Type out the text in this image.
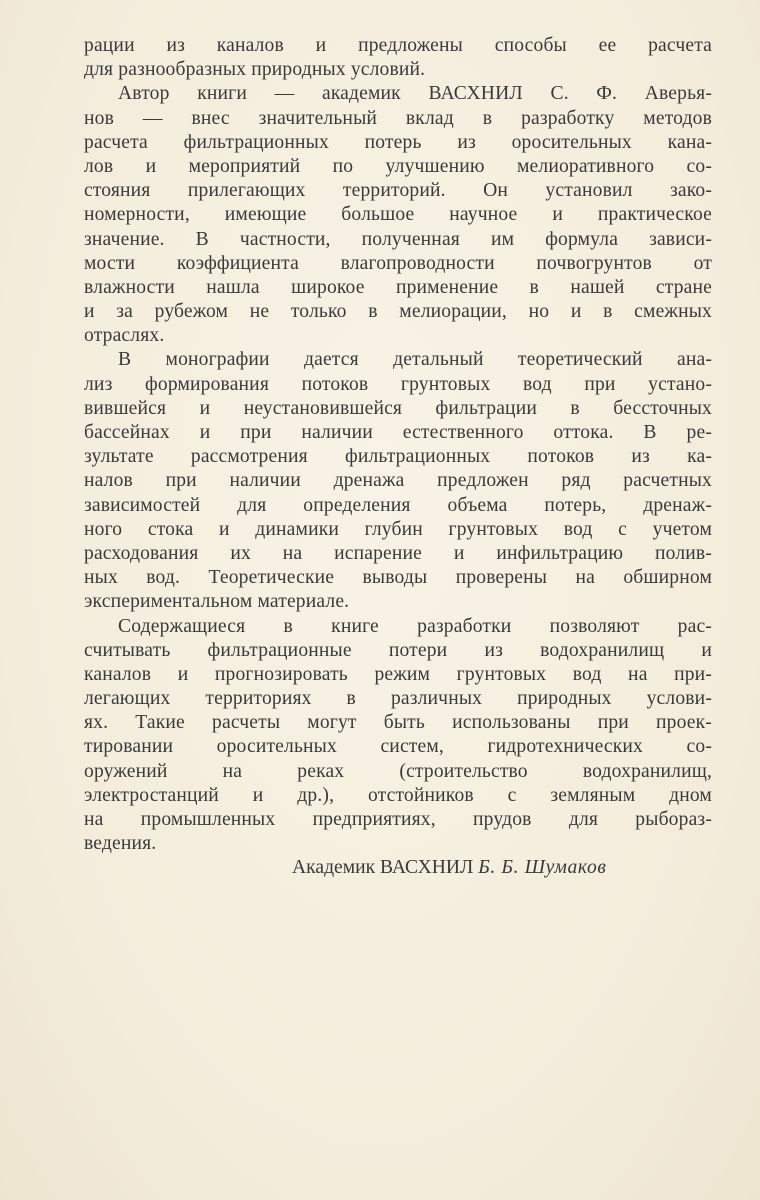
рации из каналов и предложены способы ее расчета
для разнообразных природных условий.
Автор книги — академик ВАСХНИЛ С. Ф. Аверья-
нов — внес значительный вклад в разработку методов
расчета фильтрационных потерь из оросительных кана-
лов и мероприятий по улучшению мелиоративного со-
стояния прилегающих территорий. Он установил зако-
номерности, имеющие большое научное и практическое
значение. В частности, полученная им формула зависи-
мости коэффициента влагопроводности почвогрунтов от
влажности нашла широкое применение в нашей стране
и за рубежом не только в мелиорации, но и в смежных
отраслях.
В монографии дается детальный теоретический ана-
лиз формирования потоков грунтовых вод при устано-
вившейся и неустановившейся фильтрации в бессточных
бассейнах и при наличии естественного оттока. В ре-
зультате рассмотрения фильтрационных потоков из ка-
налов при наличии дренажа предложен ряд расчетных
зависимостей для определения объема потерь, дренаж-
ного стока и динамики глубин грунтовых вод с учетом
расходования их на испарение и инфильтрацию полив-
ных вод. Теоретические выводы проверены на обширном
экспериментальном материале.
Содержащиеся в книге разработки позволяют рас-
считывать фильтрационные потери из водохранилищ и
каналов и прогнозировать режим грунтовых вод на при-
легающих территориях в различных природных услови-
ях. Такие расчеты могут быть использованы при проек-
тировании оросительных систем, гидротехнических со-
оружений на реках (строительство водохранилищ,
электростанций и др.), отстойников с земляным дном
на промышленных предприятиях, прудов для рыбораз-
ведения.
Академик ВАСХНИЛ Б. Б. Шумаков
